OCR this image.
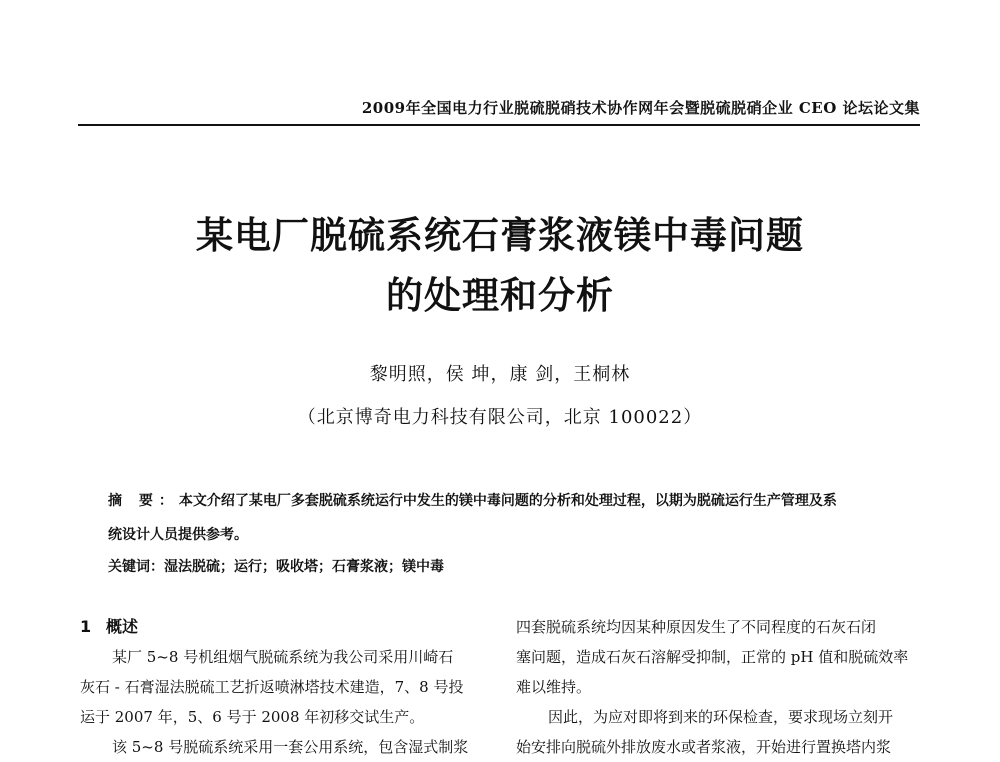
2009年全国电力行业脱硫脱硝技术协作网年会暨脱硫脱硝企业 CEO 论坛论文集
某电厂脱硫系统石膏浆液镁中毒问题
的处理和分析
黎明照，侯 坤，康 剑，王桐林
（北京博奇电力科技有限公司，北京 100022）
摘 要：本文介绍了某电厂多套脱硫系统运行中发生的镁中毒问题的分析和处理过程，以期为脱硫运行生产管理及系
统设计人员提供参考。
关键词：湿法脱硫；运行；吸收塔；石膏浆液；镁中毒
1 概述
某厂 5~8 号机组烟气脱硫系统为我公司采用川崎石
灰石 - 石膏湿法脱硫工艺折返喷淋塔技术建造，7、8 号投
运于 2007 年，5、6 号于 2008 年初移交试生产。
该 5~8 号脱硫系统采用一套公用系统，包含湿式制浆
四套脱硫系统均因某种原因发生了不同程度的石灰石闭
塞问题，造成石灰石溶解受抑制，正常的 pH 值和脱硫效率
难以维持。
因此，为应对即将到来的环保检查，要求现场立刻开
始安排向脱硫外排放废水或者浆液，开始进行置换塔内浆
